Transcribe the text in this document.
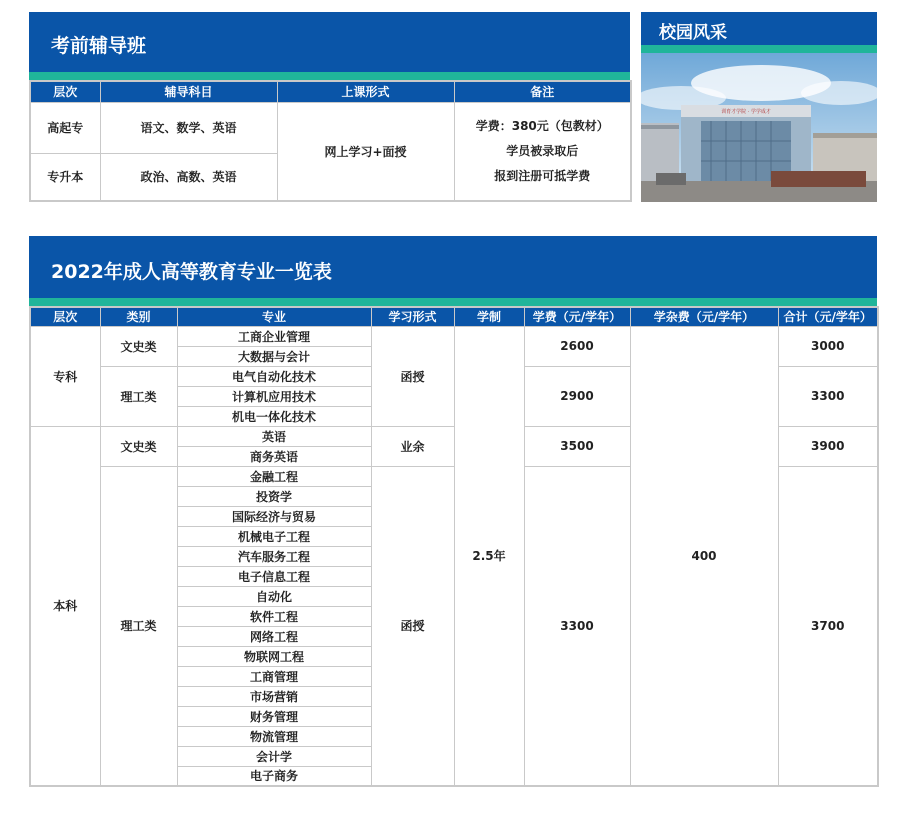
考前辅导班
层次	辅导科目	上课形式	备注
高起专	语文、数学、英语	网上学习+面授	学费：380元（包教材）
学员被录取后
报到注册可抵学费

专升本	政治、高数、英语		
校园风采
训育才学院 · 学学成才
2022年成人高等教育专业一览表
层次	类别	专业	学习形式	学制	学费（元/学年）	学杂费（元/学年）	合计（元/学年）
专科	文史类	工商企业管理	函授	2.5年	2600	400	3000
		大数据与会计					
	理工类	电气自动化技术			2900		3300
		计算机应用技术					
		机电一体化技术					
本科	文史类	英语	业余		3500		3900
		商务英语					
	理工类	金融工程	函授		3300		3700
		投资学					
		国际经济与贸易					
		机械电子工程					
		汽车服务工程					
		电子信息工程					
		自动化					
		软件工程					
		网络工程					
		物联网工程					
		工商管理					
		市场营销					
		财务管理					
		物流管理					
		会计学					
		电子商务					
